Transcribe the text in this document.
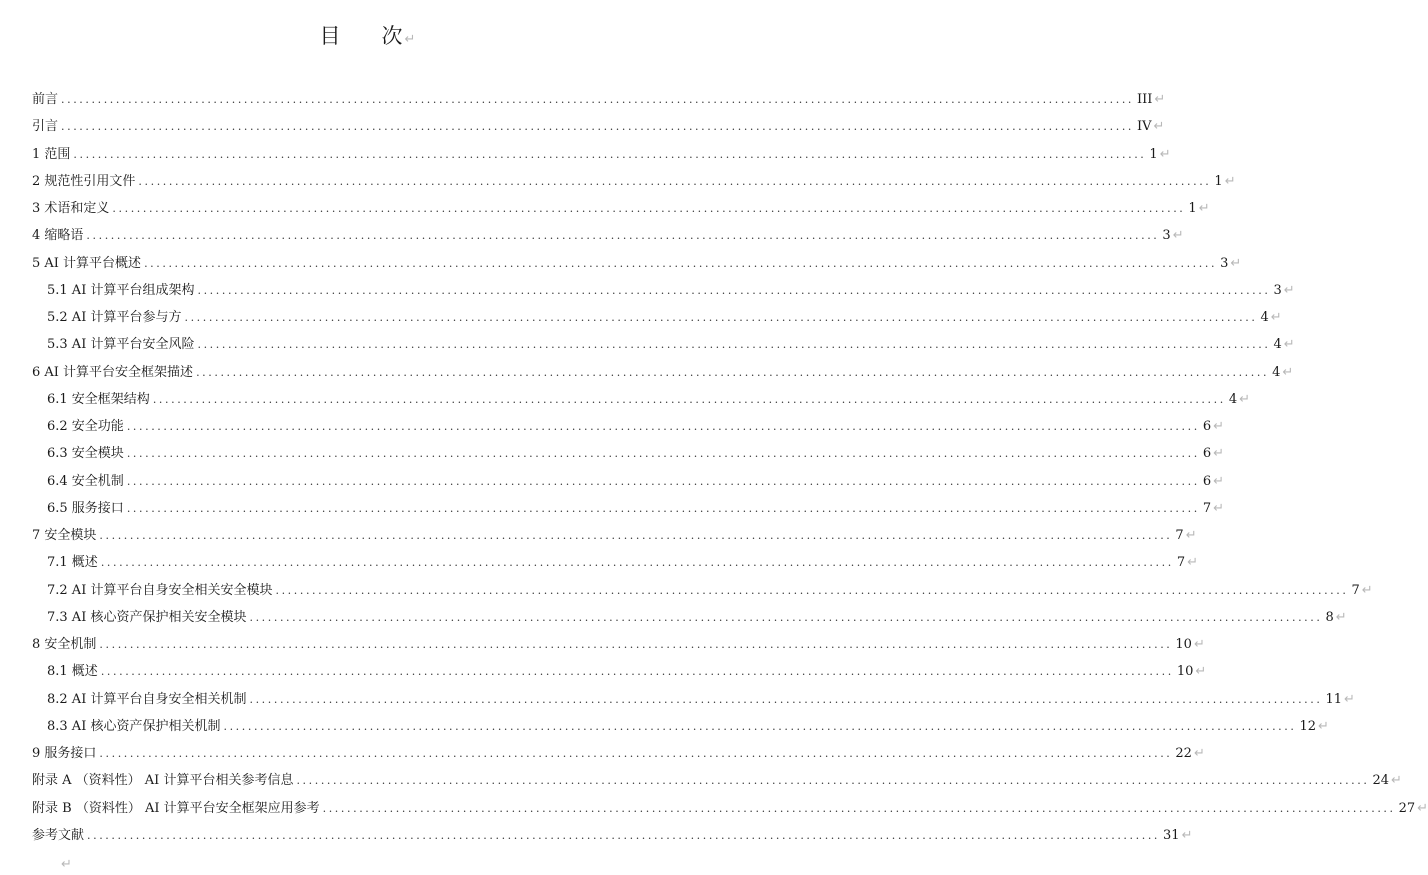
目 次↵
前言 ................................................................................................................................................................................ III ↵
引言 ................................................................................................................................................................................ IV ↵
1 范围 ................................................................................................................................................................................ 1 ↵
2 规范性引用文件 ................................................................................................................................................................................ 1 ↵
3 术语和定义 ................................................................................................................................................................................ 1 ↵
4 缩略语 ................................................................................................................................................................................ 3 ↵
5 AI 计算平台概述 ................................................................................................................................................................................ 3 ↵
5.1 AI 计算平台组成架构 ................................................................................................................................................................................ 3 ↵
5.2 AI 计算平台参与方 ................................................................................................................................................................................ 4 ↵
5.3 AI 计算平台安全风险 ................................................................................................................................................................................ 4 ↵
6 AI 计算平台安全框架描述 ................................................................................................................................................................................ 4 ↵
6.1 安全框架结构 ................................................................................................................................................................................ 4 ↵
6.2 安全功能 ................................................................................................................................................................................ 6 ↵
6.3 安全模块 ................................................................................................................................................................................ 6 ↵
6.4 安全机制 ................................................................................................................................................................................ 6 ↵
6.5 服务接口 ................................................................................................................................................................................ 7 ↵
7 安全模块 ................................................................................................................................................................................ 7 ↵
7.1 概述 ................................................................................................................................................................................ 7 ↵
7.2 AI 计算平台自身安全相关安全模块 ................................................................................................................................................................................ 7 ↵
7.3 AI 核心资产保护相关安全模块 ................................................................................................................................................................................ 8 ↵
8 安全机制 ................................................................................................................................................................................ 10 ↵
8.1 概述 ................................................................................................................................................................................ 10 ↵
8.2 AI 计算平台自身安全相关机制 ................................................................................................................................................................................ 11 ↵
8.3 AI 核心资产保护相关机制 ................................................................................................................................................................................ 12 ↵
9 服务接口 ................................................................................................................................................................................ 22 ↵
附录 A （资料性） AI 计算平台相关参考信息 ................................................................................................................................................................................ 24 ↵
附录 B （资料性） AI 计算平台安全框架应用参考 ................................................................................................................................................................................ 27 ↵
参考文献 ................................................................................................................................................................................ 31 ↵
↵
